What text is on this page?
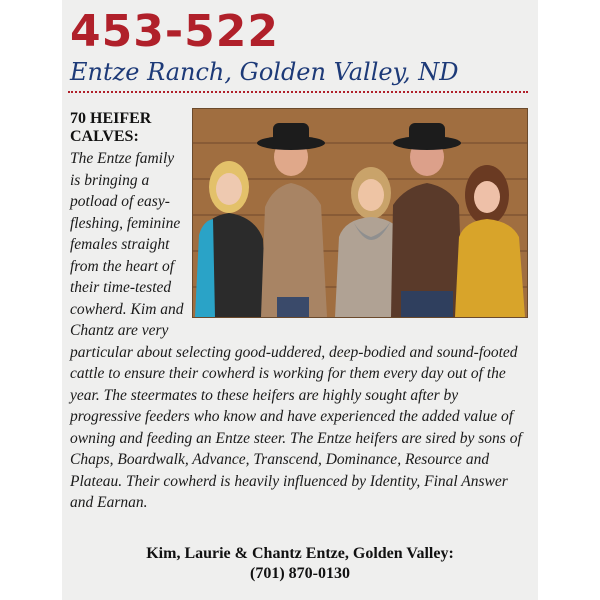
453-522
Entze Ranch, Golden Valley, ND
70 HEIFER CALVES:
The Entze family is bringing a potload of easy-fleshing, feminine females straight from the heart of their time-tested cowherd. Kim and Chantz are very particular about selecting good-uddered, deep-bodied and sound-footed cattle to ensure their cowherd is working for them every day out of the year. The steermates to these heifers are highly sought after by progressive feeders who know and have experienced the added value of owning and feeding an Entze steer. The Entze heifers are sired by sons of Chaps, Boardwalk, Advance, Transcend, Dominance, Resource and Plateau. Their cowherd is heavily influenced by Identity, Final Answer and Earnan.
Kim, Laurie & Chantz Entze, Golden Valley:
(701) 870-0130
